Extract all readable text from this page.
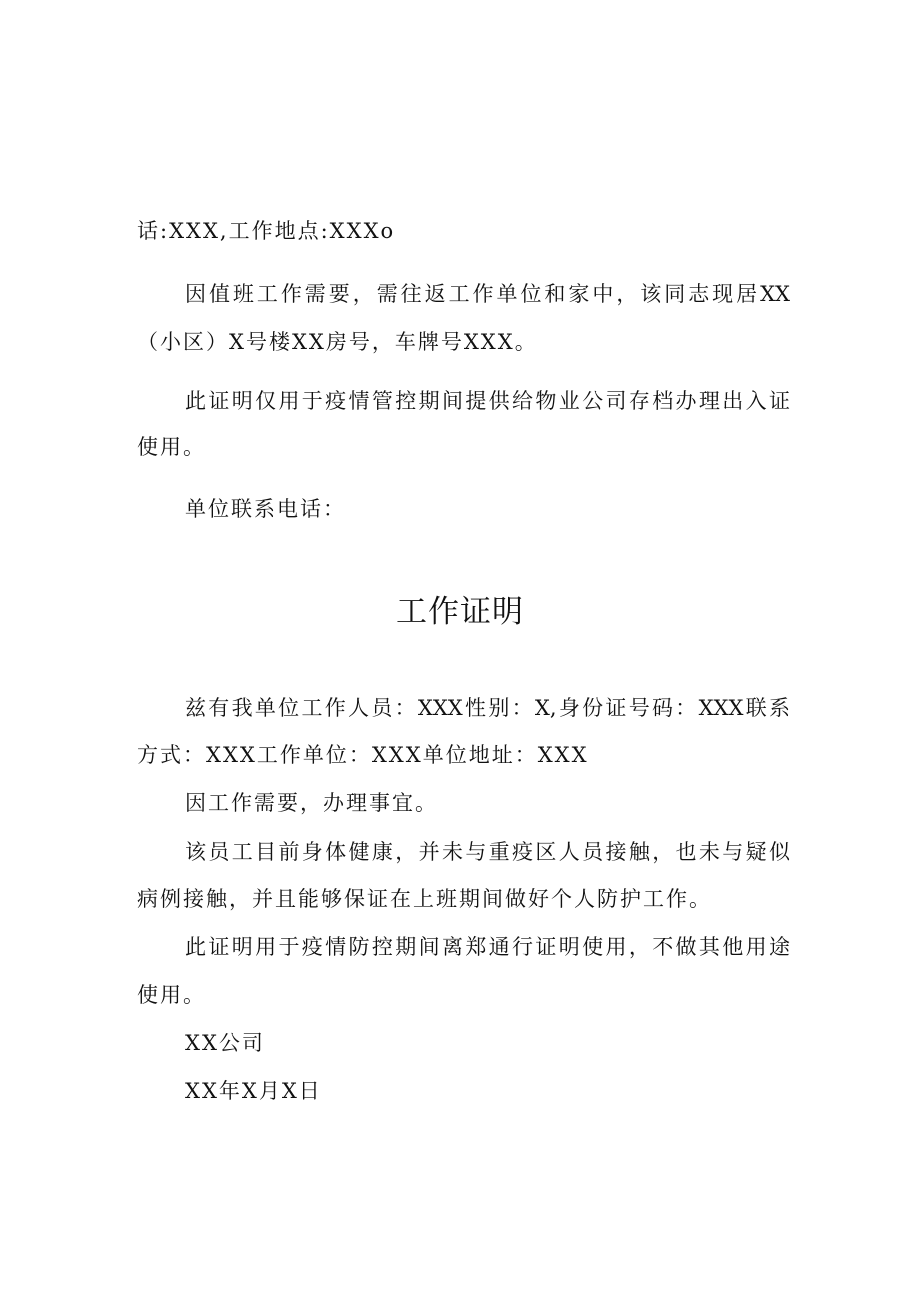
话:XXX,工作地点:XXXo
因值班工作需要，需往返工作单位和家中，该同志现居XX
（小区）X号楼XX房号，车牌号XXX。
此证明仅用于疫情管控期间提供给物业公司存档办理出入证
使用。
单位联系电话：
工作证明
兹有我单位工作人员：XXX性别：X,身份证号码：XXX联系
方式：XXX工作单位：XXX单位地址：XXX
因工作需要，办理事宜。
该员工目前身体健康，并未与重疫区人员接触，也未与疑似
病例接触，并且能够保证在上班期间做好个人防护工作。
此证明用于疫情防控期间离郑通行证明使用，不做其他用途
使用。
XX公司
XX年X月X日
